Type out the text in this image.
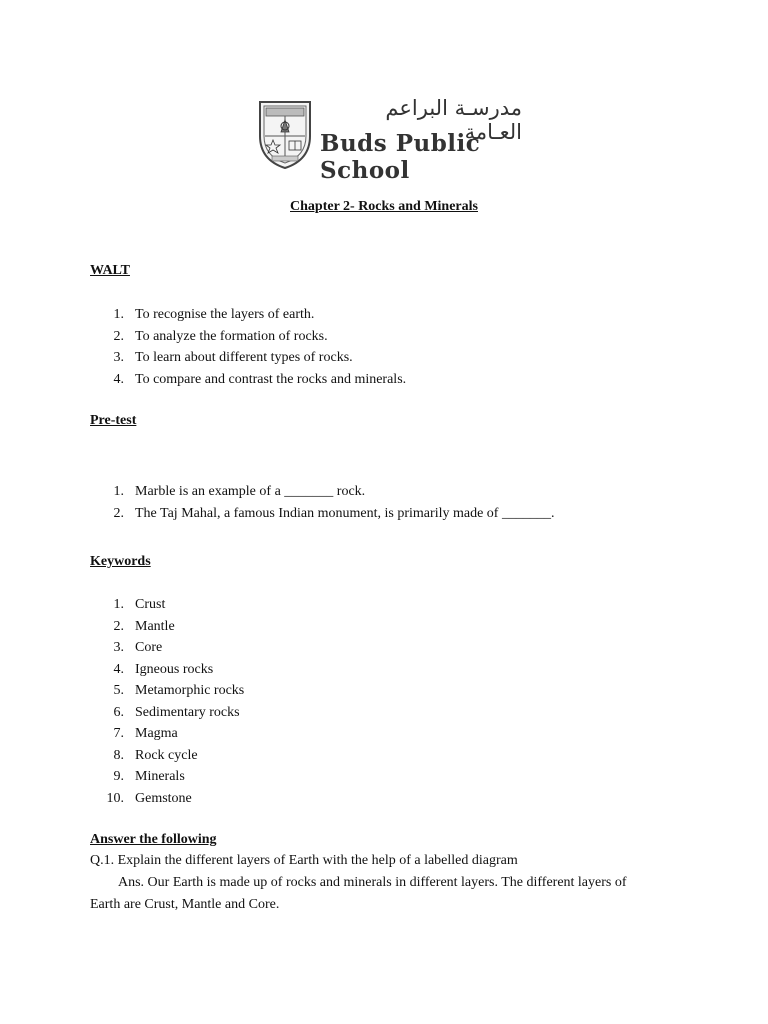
مدرسـة البراعم العـامة
Buds Public School
Chapter 2- Rocks and Minerals
WALT
1. To recognise the layers of earth.
2. To analyze the formation of rocks.
3. To learn about different types of rocks.
4. To compare and contrast the rocks and minerals.
Pre-test
1. Marble is an example of a _______ rock.
2. The Taj Mahal, a famous Indian monument, is primarily made of _______.
Keywords
1. Crust
2. Mantle
3. Core
4. Igneous rocks
5. Metamorphic rocks
6. Sedimentary rocks
7. Magma
8. Rock cycle
9. Minerals
10. Gemstone
Answer the following
Q.1. Explain the different layers of Earth with the help of a labelled diagram
Ans. Our Earth is made up of rocks and minerals in different layers. The different layers of
Earth are Crust, Mantle and Core.
